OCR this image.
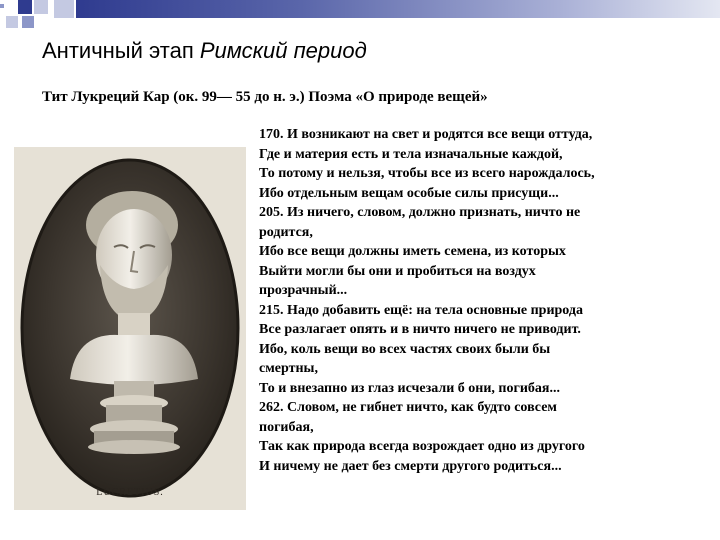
Античный этап Римский период
Тит Лукреций Кар (ок. 99— 55 до н. э.) Поэма «О природе вещей»
LUCRETIUS.
170. И возникают на свет и родятся все вещи оттуда,
Где и материя есть и тела изначальные каждой,
То потому и нельзя, чтобы все из всего нарождалось,
Ибо отдельным вещам особые силы присущи...
205. Из ничего, словом, должно признать, ничто не
родится,
Ибо все вещи должны иметь семена, из которых
Выйти могли бы они и пробиться на воздух
прозрачный...
215. Надо добавить ещё: на тела основные природа
Все разлагает опять и в ничто ничего не приводит.
Ибо, коль вещи во всех частях своих были бы
смертны,
То и внезапно из глаз исчезали б они, погибая...
262. Словом, не гибнет ничто, как будто совсем
погибая,
Так как природа всегда возрождает одно из другого
И ничему не дает без смерти другого родиться...
